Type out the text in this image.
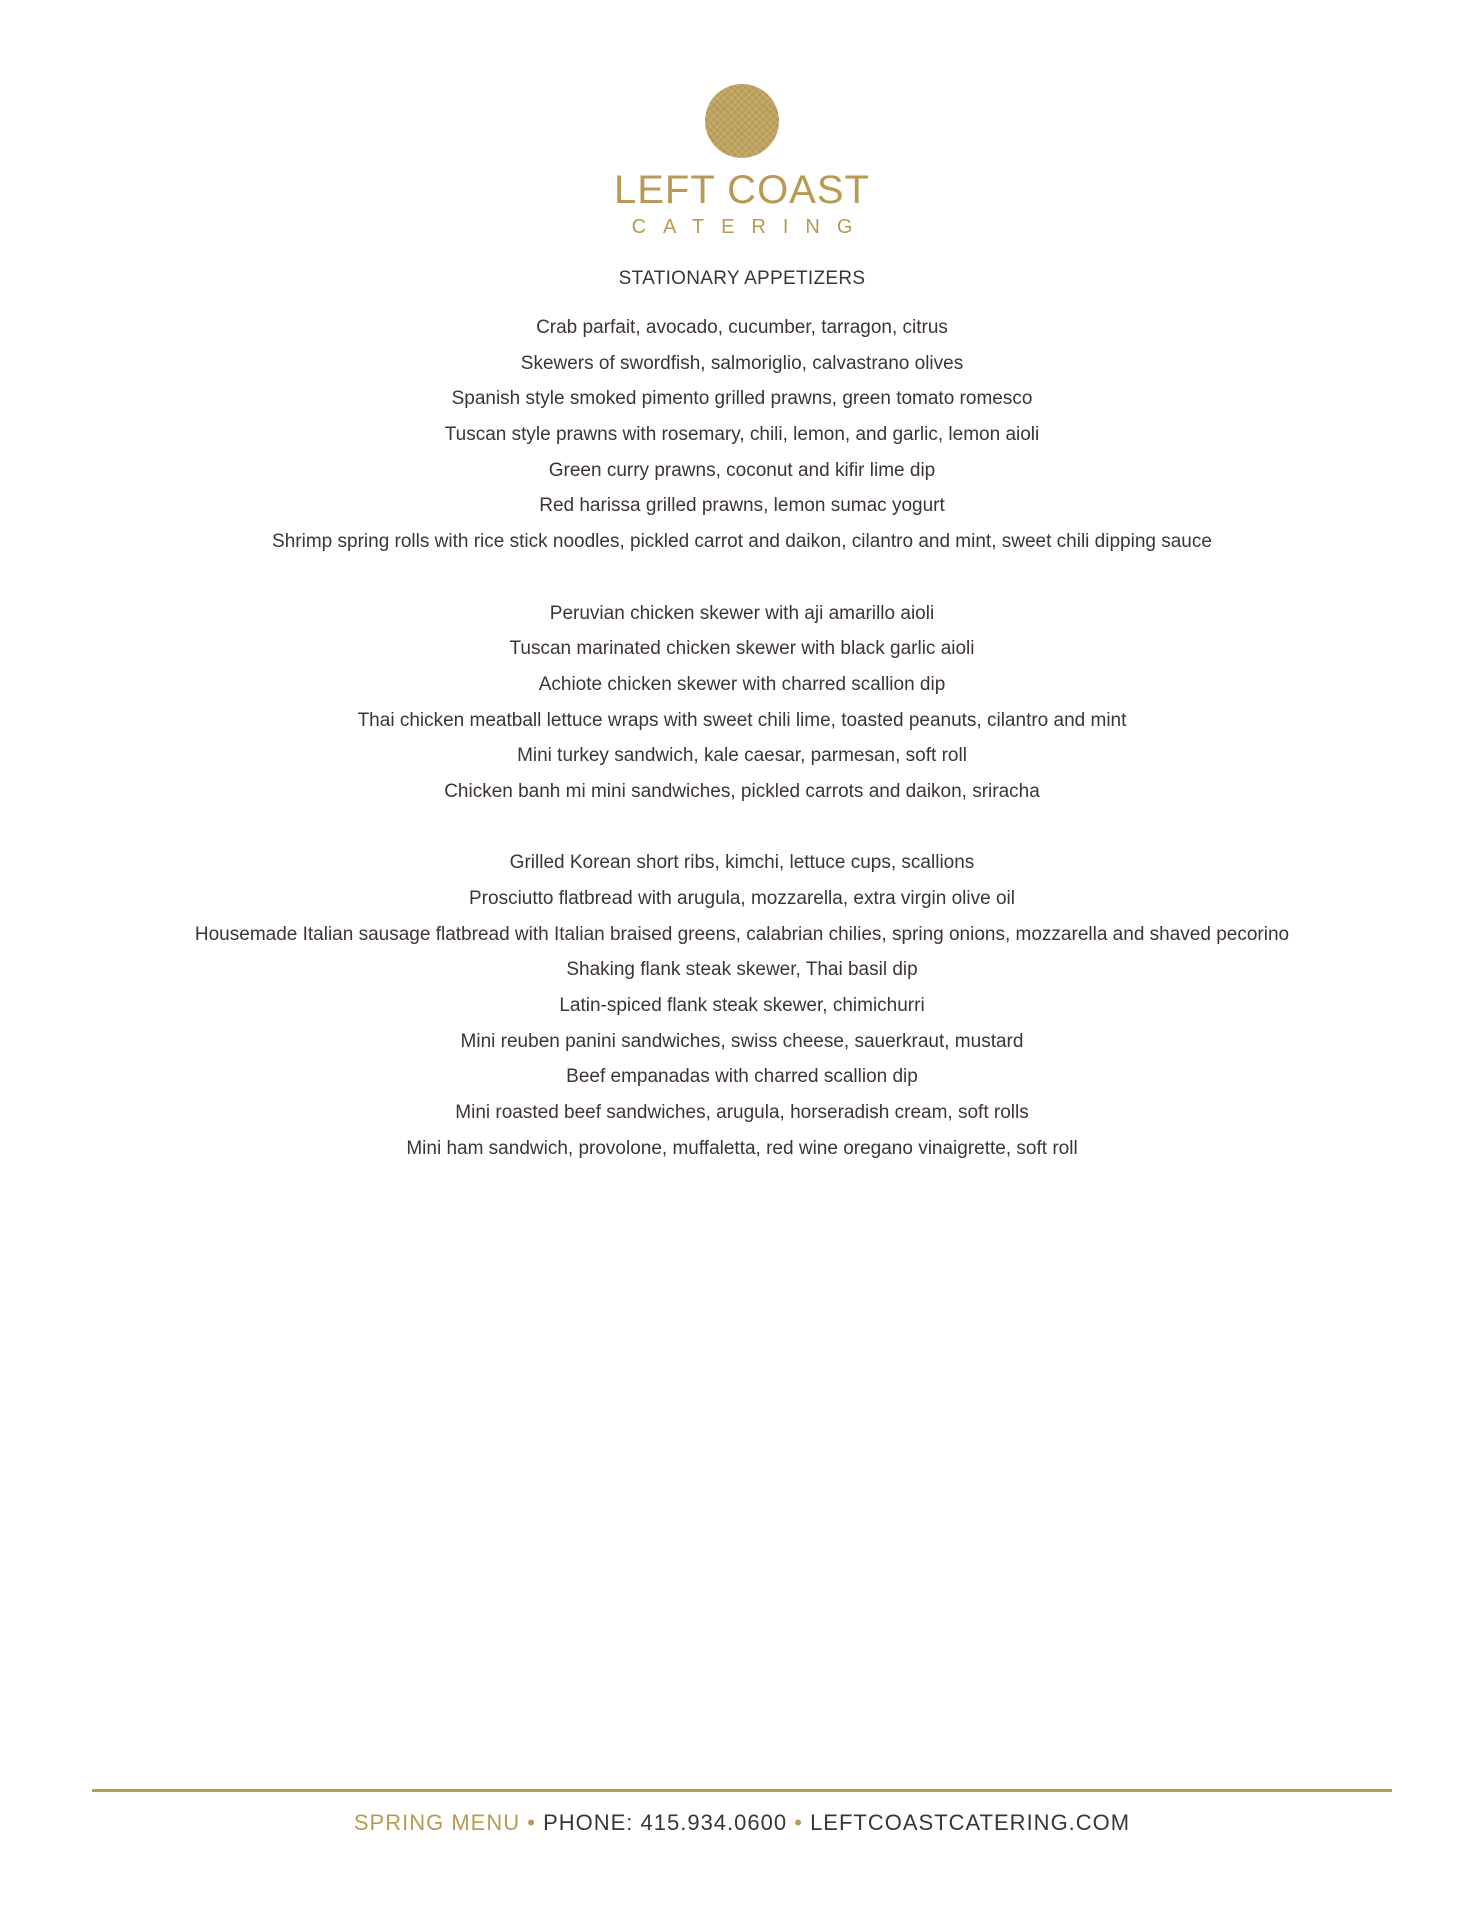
LEFT COAST
CATERING
STATIONARY APPETIZERS
Crab parfait, avocado, cucumber, tarragon, citrus
Skewers of swordfish, salmoriglio, calvastrano olives
Spanish style smoked pimento grilled prawns, green tomato romesco
Tuscan style prawns with rosemary, chili, lemon, and garlic, lemon aioli
Green curry prawns, coconut and kifir lime dip
Red harissa grilled prawns, lemon sumac yogurt
Shrimp spring rolls with rice stick noodles, pickled carrot and daikon, cilantro and mint, sweet chili dipping sauce
Peruvian chicken skewer with aji amarillo aioli
Tuscan marinated chicken skewer with black garlic aioli
Achiote chicken skewer with charred scallion dip
Thai chicken meatball lettuce wraps with sweet chili lime, toasted peanuts, cilantro and mint
Mini turkey sandwich, kale caesar, parmesan, soft roll
Chicken banh mi mini sandwiches, pickled carrots and daikon, sriracha
Grilled Korean short ribs, kimchi, lettuce cups, scallions
Prosciutto flatbread with arugula, mozzarella, extra virgin olive oil
Housemade Italian sausage flatbread with Italian braised greens, calabrian chilies, spring onions, mozzarella and shaved pecorino
Shaking flank steak skewer, Thai basil dip
Latin-spiced flank steak skewer, chimichurri
Mini reuben panini sandwiches, swiss cheese, sauerkraut, mustard
Beef empanadas with charred scallion dip
Mini roasted beef sandwiches, arugula, horseradish cream, soft rolls
Mini ham sandwich, provolone, muffaletta, red wine oregano vinaigrette, soft roll
SPRING MENU • PHONE: 415.934.0600 • LEFTCOASTCATERING.COM
